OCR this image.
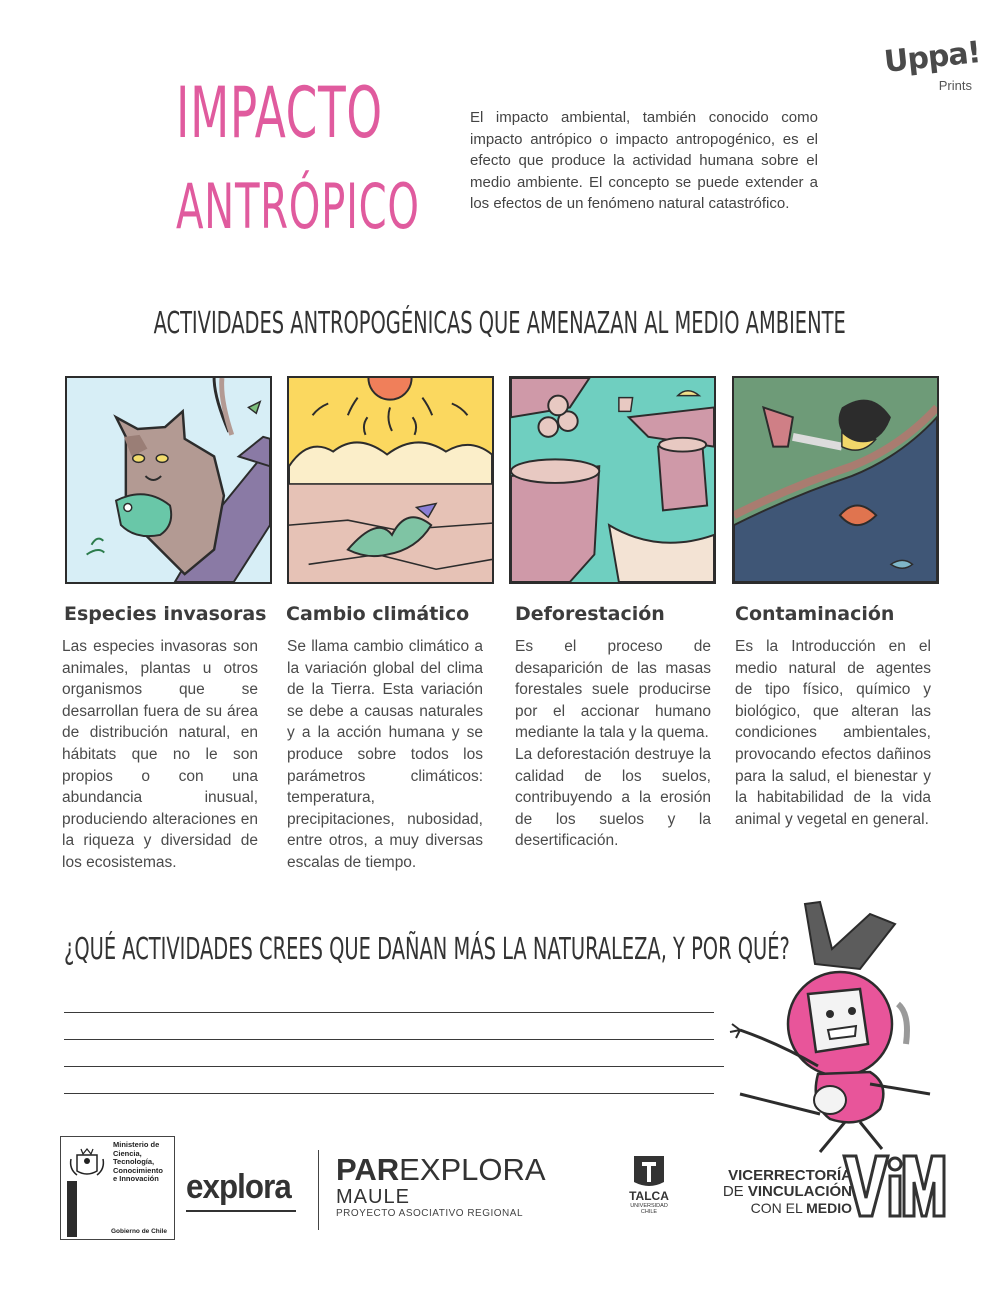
Uppa!
Prints
IMPACTO
ANTRÓPICO

El impacto ambiental, también conocido como impacto antrópico o impacto antropogénico, es el efecto que produce la actividad humana sobre el medio ambiente. El concepto se puede extender a los efectos de un fenómeno natural catastrófico.

ACTIVIDADES ANTROPOGÉNICAS QUE AMENAZAN AL MEDIO AMBIENTE
Especies invasoras Cambio climático Deforestación	Contaminación

Las especies invasoras son animales, plantas u otros organismos que se desarrollan fuera de su área de distribución natural, en hábitats que no le son propios o con una abundancia inusual, produciendo alteraciones en la riqueza y diversidad de los ecosistemas.

Se llama cambio climático a la variación global del clima de la Tierra. Esta variación se debe a causas naturales y a la acción humana y se produce sobre todos los parámetros climáticos: temperatura, precipitaciones, nubosidad, entre otros, a muy diversas escalas de tiempo.

Es el proceso de desaparición de las masas forestales suele producirse por el accionar humano mediante la tala y la quema.

La deforestación destruye la calidad de los suelos, contribuyendo a la erosión de los suelos y la desertificación.

Es la Introducción en el medio natural de agentes de tipo físico, químico y biológico, que alteran las condiciones ambientales, provocando efectos dañinos para la salud, el bienestar y la habitabilidad de la vida animal y vegetal en general.

¿QUÉ ACTIVIDADES CREES QUE DAÑAN MÁS LA NATURALEZA, Y POR QUÉ?
Ministerio de
Ciencia,
Tecnología,
Conocimiento
e Innovación
Gobierno de Chile
explora PAREXPLORA
MAULE
PROYECTO ASOCIATIVO REGIONAL
TALCA
UNIVERSIDAD
CHILE
VICERRECTORÍA
DE VINCULACIÓN
CON EL MEDIO
